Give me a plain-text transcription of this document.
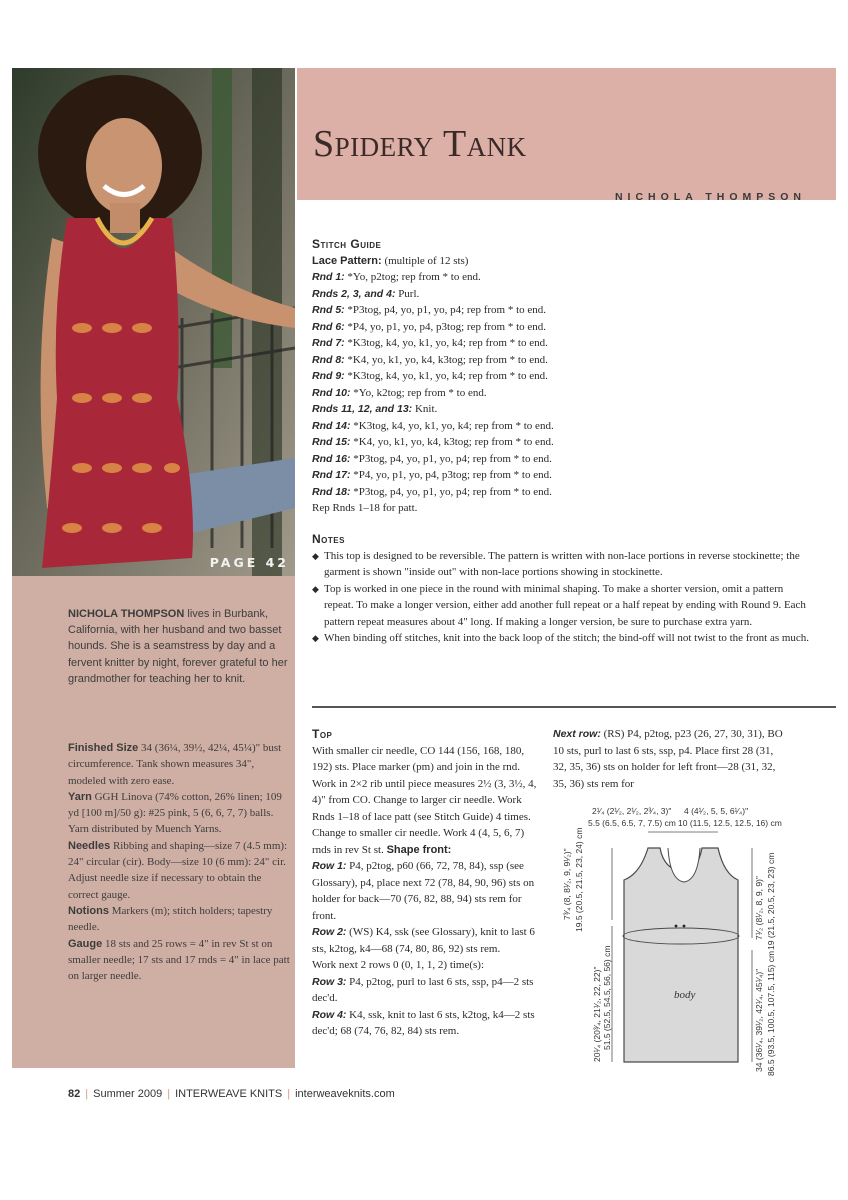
PAGE 42
NICHOLA THOMPSON lives in Burbank, California, with her husband and two basset hounds. She is a seamstress by day and a fervent knitter by night, forever grateful to her grandmother for teaching her to knit.

Finished Size 34 (36¼, 39½, 42¼, 45¼)" bust circumference. Tank shown measures 34", modeled with zero ease.

Yarn GGH Linova (74% cotton, 26% linen; 109 yd [100 m]/50 g): #25 pink, 5 (6, 6, 7, 7) balls. Yarn distributed by Muench Yarns.

Needles Ribbing and shaping—size 7 (4.5 mm): 24" circular (cir). Body—size 10 (6 mm): 24" cir. Adjust needle size if necessary to obtain the correct gauge.

Notions Markers (m); stitch holders; tapestry needle.

Gauge 18 sts and 25 rows = 4" in rev St st on smaller needle; 17 sts and 17 rnds = 4" in lace patt on larger needle.

Spidery Tank
NICHOLA THOMPSON
Stitch Guide

Lace Pattern: (multiple of 12 sts)

Rnd 1: *Yo, p2tog; rep from * to end.

Rnds 2, 3, and 4: Purl.

Rnd 5: *P3tog, p4, yo, p1, yo, p4; rep from * to end.

Rnd 6: *P4, yo, p1, yo, p4, p3tog; rep from * to end.

Rnd 7: *K3tog, k4, yo, k1, yo, k4; rep from * to end.

Rnd 8: *K4, yo, k1, yo, k4, k3tog; rep from * to end.

Rnd 9: *K3tog, k4, yo, k1, yo, k4; rep from * to end.

Rnd 10: *Yo, k2tog; rep from * to end.

Rnds 11, 12, and 13: Knit.

Rnd 14: *K3tog, k4, yo, k1, yo, k4; rep from * to end.

Rnd 15: *K4, yo, k1, yo, k4, k3tog; rep from * to end.

Rnd 16: *P3tog, p4, yo, p1, yo, p4; rep from * to end.

Rnd 17: *P4, yo, p1, yo, p4, p3tog; rep from * to end.

Rnd 18: *P3tog, p4, yo, p1, yo, p4; rep from * to end.

Rep Rnds 1–18 for patt.

Notes
◆ This top is designed to be reversible. The pattern is written with non-lace portions in reverse stockinette; the garment is shown "inside out" with non-lace portions showing in stockinette.
◆ Top is worked in one piece in the round with minimal shaping. To make a shorter version, omit a pattern repeat. To make a longer version, either add another full repeat or a half repeat by ending with Round 9. Each pattern repeat measures about 4" long. If making a longer version, be sure to purchase extra yarn.
◆ When binding off stitches, knit into the back loop of the stitch; the bind-off will not twist to the front as much.
Top

With smaller cir needle, CO 144 (156, 168, 180, 192) sts. Place marker (pm) and join in the rnd. Work in 2×2 rib until piece measures 2½ (3, 3½, 4, 4)" from CO. Change to larger cir needle. Work Rnds 1–18 of lace patt (see Stitch Guide) 4 times. Change to smaller cir needle. Work 4 (4, 5, 6, 7) rnds in rev St st. Shape front:

Row 1: P4, p2tog, p60 (66, 72, 78, 84), ssp (see Glossary), p4, place next 72 (78, 84, 90, 96) sts on holder for back—70 (76, 82, 88, 94) sts rem for front.

Row 2: (WS) K4, ssk (see Glossary), knit to last 6 sts, k2tog, k4—68 (74, 80, 86, 92) sts rem.

Work next 2 rows 0 (0, 1, 1, 2) time(s):

Row 3: P4, p2tog, purl to last 6 sts, ssp, p4—2 sts dec'd.

Row 4: K4, ssk, knit to last 6 sts, k2tog, k4—2 sts dec'd; 68 (74, 76, 82, 84) sts rem.

Next row: (RS) P4, p2tog, p23 (26, 27, 30, 31), BO 10 sts, purl to last 6 sts, ssp, p4. Place first 28 (31, 32, 35, 36) sts on holder for left front—28 (31, 32, 35, 36) sts rem for

2¹⁄₄ (2¹⁄₂, 2¹⁄₂, 2³⁄₄, 3)"
5.5 (6.5, 6.5, 7, 7.5) cm
4 (4¹⁄₂, 5, 5, 6¹⁄₄)"
10 (11.5, 12.5, 12.5, 16) cm
body
7³⁄₄ (8, 8¹⁄₂, 9, 9¹⁄₂)" 19.5 (20.5, 21.5, 23, 24) cm
20¹⁄₄ (20³⁄₄, 21¹⁄₂, 22, 22)" 51.5 (52.5, 54.5, 56, 56) cm
7¹⁄₂ (8¹⁄₂, 8, 9, 9)" 19 (21.5, 20.5, 23, 23) cm
34 (36¹⁄₄, 39¹⁄₂, 42¹⁄₄, 45¹⁄₄)" 86.5 (93.5, 100.5, 107.5, 115) cm
82 | Summer 2009 | INTERWEAVE KNITS | interweaveknits.com
